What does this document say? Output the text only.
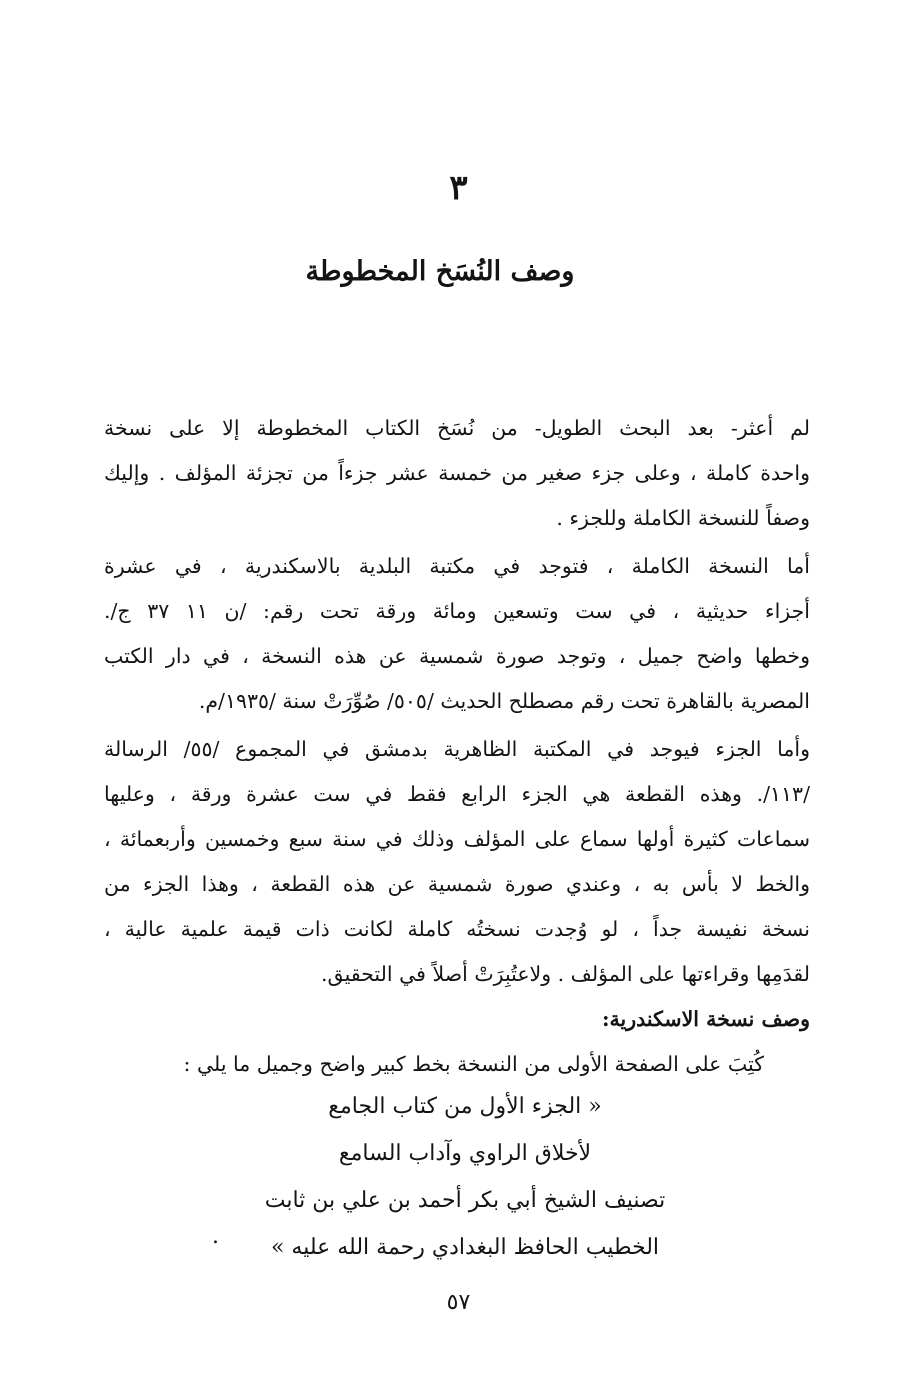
٣
وصف النُسَخ المخطوطة
لم أعثر- بعد البحث الطويل- من نُسَخ الكتاب المخطوطة إلا على نسخة
واحدة كاملة ، وعلى جزء صغير من خمسة عشر جزءاً من تجزئة المؤلف . وإليك
وصفاً للنسخة الكاملة وللجزء .
أما النسخة الكاملة ، فتوجد في مكتبة البلدية بالاسكندرية ، في عشرة
أجزاء حديثية ، في ست وتسعين ومائة ورقة تحت رقم: /ن ١١ ٣٧ ج/.
وخطها واضح جميل ، وتوجد صورة شمسية عن هذه النسخة ، في دار الكتب
المصرية بالقاهرة تحت رقم مصطلح الحديث /٥٠٥/ صُوِّرَتْ سنة /١٩٣٥/م.
وأما الجزء فيوجد في المكتبة الظاهرية بدمشق في المجموع /٥٥/ الرسالة
/١١٣/. وهذه القطعة هي الجزء الرابع فقط في ست عشرة ورقة ، وعليها
سماعات كثيرة أولها سماع على المؤلف وذلك في سنة سبع وخمسين وأربعمائة ،
والخط لا بأس به ، وعندي صورة شمسية عن هذه القطعة ، وهذا الجزء من
نسخة نفيسة جداً ، لو وُجدت نسختُه كاملة لكانت ذات قيمة علمية عالية ،
لقدَمِها وقراءتها على المؤلف . ولاعتُبِرَتْ أصلاً في التحقيق.
وصف نسخة الاسكندرية:
كُتِبَ على الصفحة الأولى من النسخة بخط كبير واضح وجميل ما يلي :
« الجزء الأول من كتاب الجامع
لأخلاق الراوي وآداب السامع
تصنيف الشيخ أبي بكر أحمد بن علي بن ثابت
الخطيب الحافظ البغدادي رحمة الله عليه »
.
٥٧
